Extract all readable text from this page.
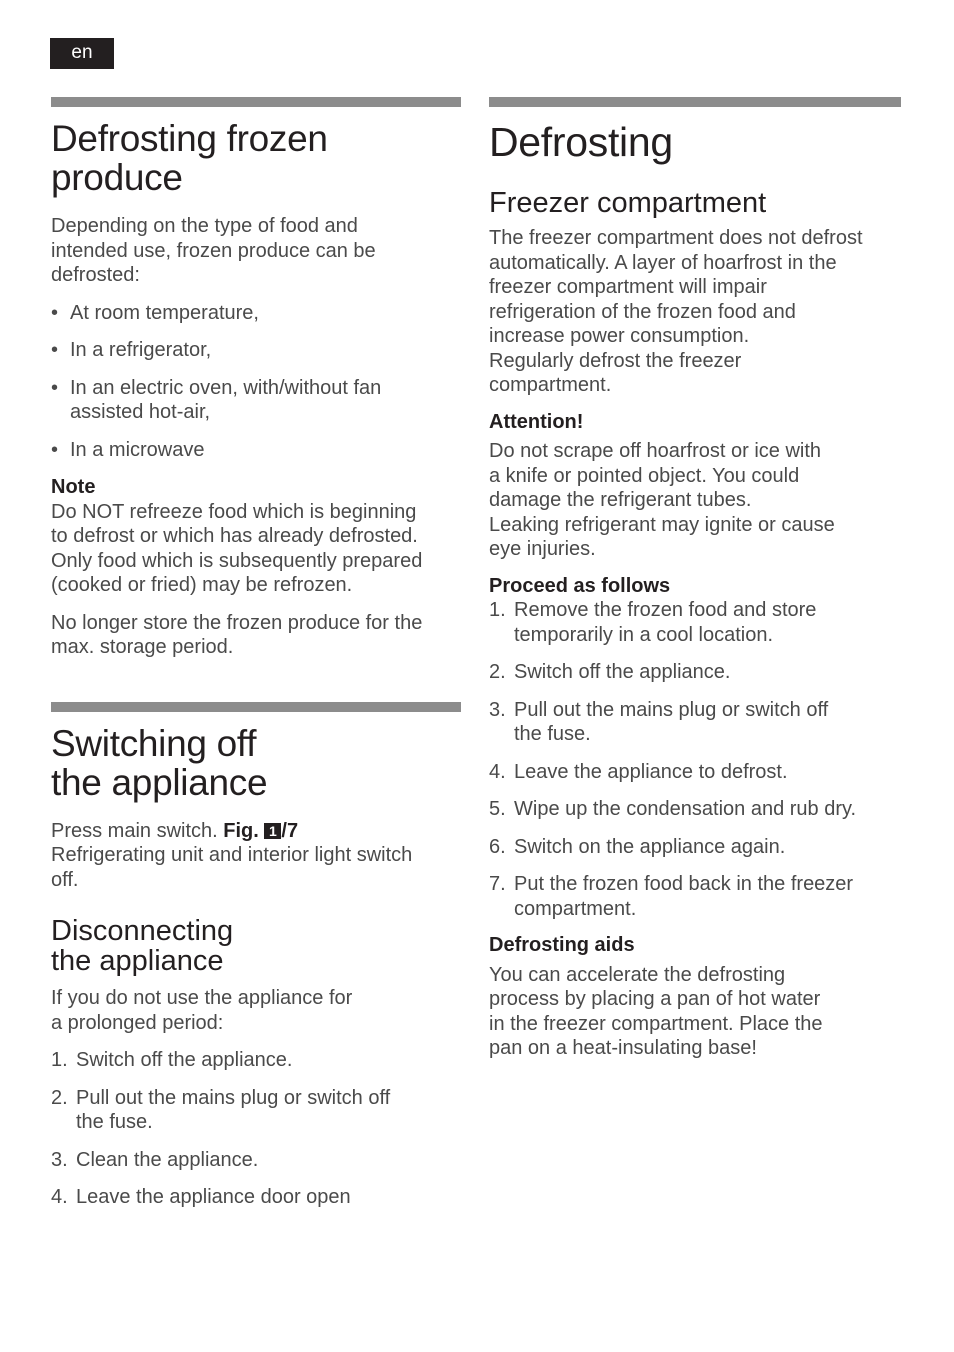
en
Defrosting frozen
produce

Depending on the type of food and
intended use, frozen produce can be
defrosted:

• At room temperature,
• In a refrigerator,
• In an electric oven, with/without fan
assisted hot-air,
• In a microwave
Note

Do NOT refreeze food which is beginning
to defrost or which has already defrosted.
Only food which is subsequently prepared
(cooked or fried) may be refrozen.

No longer store the frozen produce for the
max. storage period.

Switching off
the appliance

Press main switch. Fig. 1 /7
Refrigerating unit and interior light switch
off.

Disconnecting
the appliance

If you do not use the appliance for
a prolonged period:

1. Switch off the appliance.
2. Pull out the mains plug or switch off
the fuse.
3. Clean the appliance.
4. Leave the appliance door open
Defrosting
Freezer compartment

The freezer compartment does not defrost
automatically. A layer of hoarfrost in the
freezer compartment will impair
refrigeration of the frozen food and
increase power consumption.
Regularly defrost the freezer
compartment.

Attention!

Do not scrape off hoarfrost or ice with
a knife or pointed object. You could
damage the refrigerant tubes.
Leaking refrigerant may ignite or cause
eye injuries.

Proceed as follows
1. Remove the frozen food and store
temporarily in a cool location.
2. Switch off the appliance.
3. Pull out the mains plug or switch off
the fuse.
4. Leave the appliance to defrost.
5. Wipe up the condensation and rub dry.
6. Switch on the appliance again.
7. Put the frozen food back in the freezer
compartment.
Defrosting aids

You can accelerate the defrosting
process by placing a pan of hot water
in the freezer compartment. Place the
pan on a heat-insulating base!
